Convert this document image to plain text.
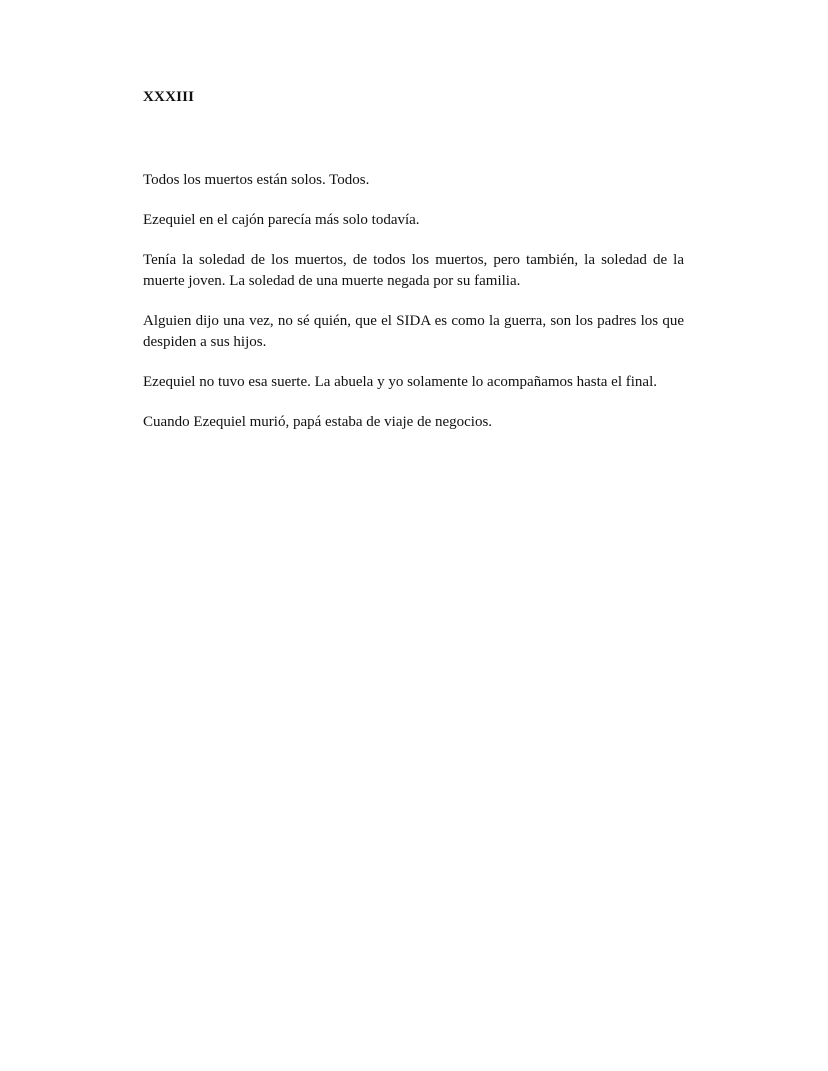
XXXIII

Todos los muertos están solos. Todos.

Ezequiel en el cajón parecía más solo todavía.

Tenía la soledad de los muertos, de todos los muertos, pero también, la soledad de la muerte joven. La soledad de una muerte negada por su familia.

Alguien dijo una vez, no sé quién, que el SIDA es como la guerra, son los padres los que despiden a sus hijos.

Ezequiel no tuvo esa suerte. La abuela y yo solamente lo acompañamos hasta el final.

Cuando Ezequiel murió, papá estaba de viaje de negocios.
